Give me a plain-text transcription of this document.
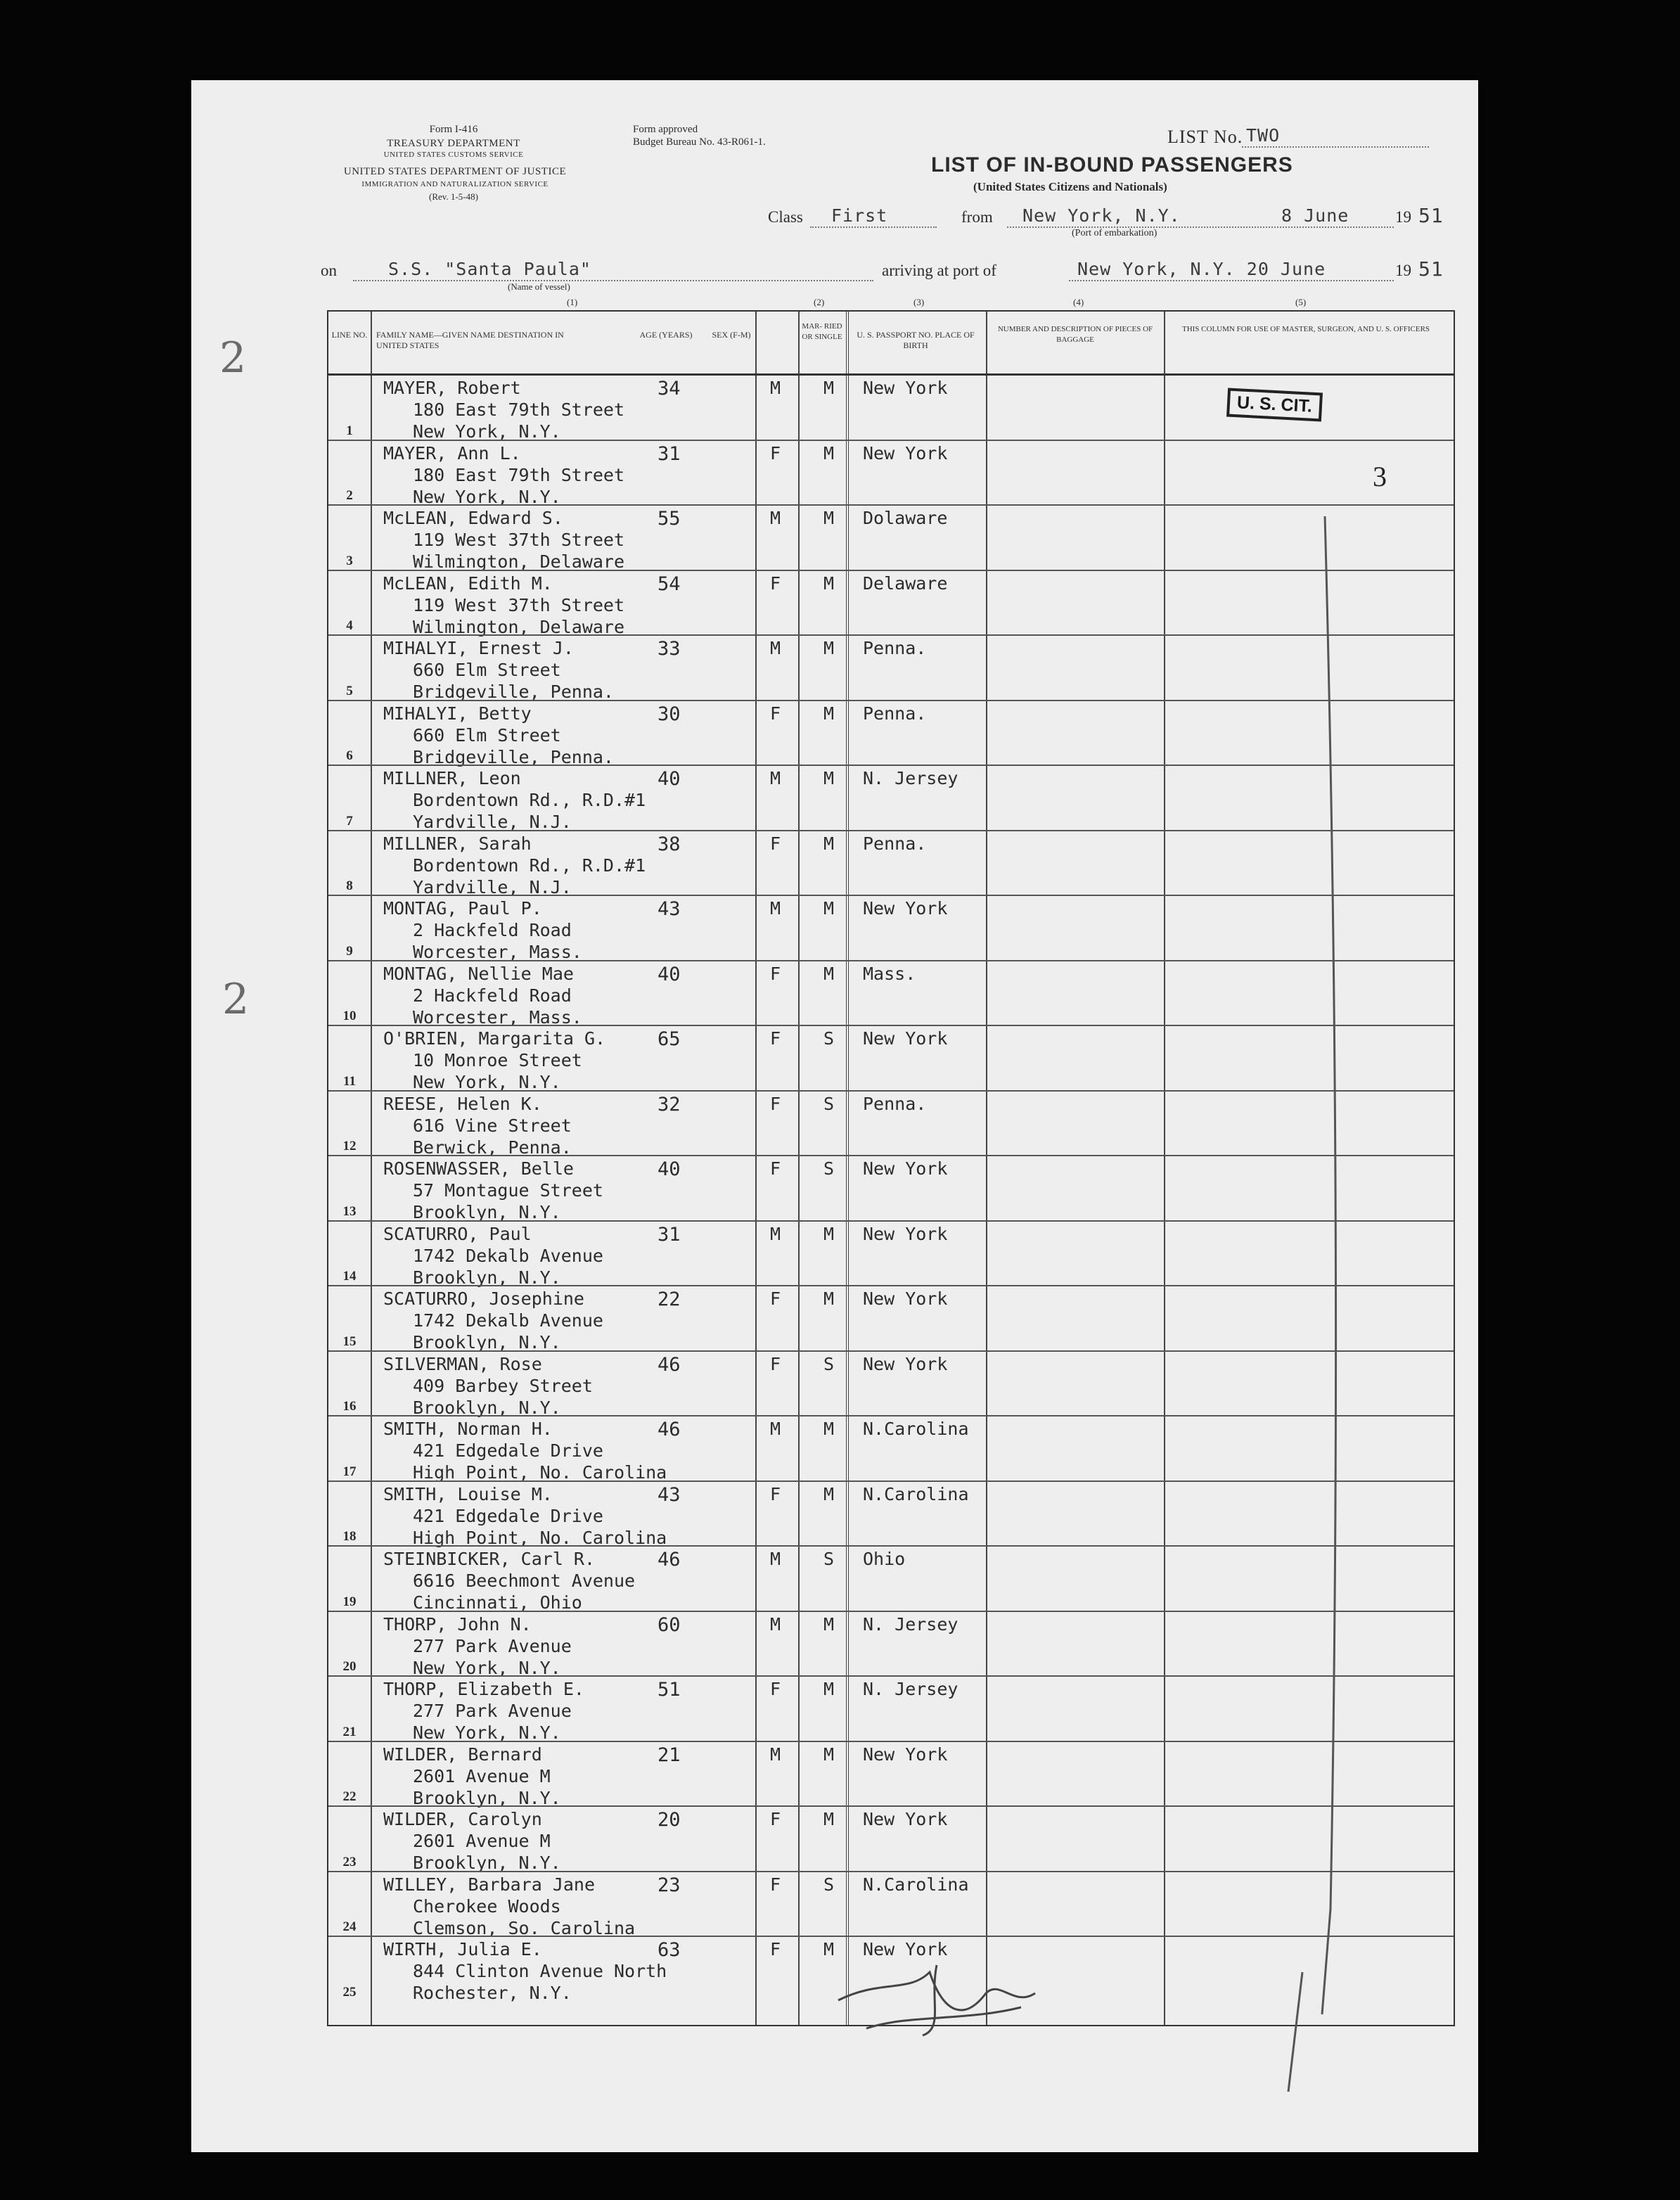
Form I-416
TREASURY DEPARTMENT
UNITED STATES CUSTOMS SERVICE
UNITED STATES DEPARTMENT OF JUSTICE
IMMIGRATION AND NATURALIZATION SERVICE
(Rev. 1-5-48)
Form approved
Budget Bureau No. 43-R061-1.	LIST No. TWO
LIST OF IN-BOUND PASSENGERS
(United States Citizens and Nationals)
Class First	from New York, N.Y.	8 June	19 51
(Port of embarkation)
on	S.S. "Santa Paula"
(Name of vessel)
arriving at port of	New York, N.Y. 20 June	19 51
(1)	(2)	(3)	(4)	(5)
LINE NO.	FAMILY NAME—GIVEN NAME DESTINATION IN UNITED STATES
AGE (YEARS)	SEX (F-M)
MAR- RIED OR SINGLE	U. S. PASSPORT NO. PLACE OF BIRTH
NUMBER AND DESCRIPTION OF PIECES OF BAGGAGE
THIS COLUMN FOR USE OF MASTER, SURGEON, AND U. S. OFFICERS
1
MAYER, Robert
180 East 79th Street
New York, N.Y.
34	M M New York
2
MAYER, Ann L.
180 East 79th Street
New York, N.Y.
31	F M New York
3
McLEAN, Edward S.
119 West 37th Street
Wilmington, Delaware
55	M M Dolaware
4
McLEAN, Edith M.
119 West 37th Street
Wilmington, Delaware
54	F M Delaware
5
MIHALYI, Ernest J.
660 Elm Street
Bridgeville, Penna.
33	M M Penna.
6
MIHALYI, Betty
660 Elm Street
Bridgeville, Penna.
30	F M Penna.
7
MILLNER, Leon
Bordentown Rd., R.D.#1
Yardville, N.J.
40	M M N. Jersey
8
MILLNER, Sarah
Bordentown Rd., R.D.#1
Yardville, N.J.
38	F M Penna.
9
MONTAG, Paul P.
2 Hackfeld Road
Worcester, Mass.
43	M M New York
10
MONTAG, Nellie Mae
2 Hackfeld Road
Worcester, Mass.
40	F M Mass.
11
O'BRIEN, Margarita G.
10 Monroe Street
New York, N.Y.
65	F S New York
12
REESE, Helen K.
616 Vine Street
Berwick, Penna.
32	F S Penna.
13
ROSENWASSER, Belle
57 Montague Street
Brooklyn, N.Y.
40	F S New York
14
SCATURRO, Paul
1742 Dekalb Avenue
Brooklyn, N.Y.
31	M M New York
15
SCATURRO, Josephine
1742 Dekalb Avenue
Brooklyn, N.Y.
22	F M New York
16
SILVERMAN, Rose
409 Barbey Street
Brooklyn, N.Y.
46	F S New York
17
SMITH, Norman H.
421 Edgedale Drive
High Point, No. Carolina
46	M M N.Carolina
18
SMITH, Louise M.
421 Edgedale Drive
High Point, No. Carolina
43	F M N.Carolina
19
STEINBICKER, Carl R.
6616 Beechmont Avenue
Cincinnati, Ohio
46	M S Ohio
20
THORP, John N.
277 Park Avenue
New York, N.Y.
60	M M N. Jersey
21
THORP, Elizabeth E.
277 Park Avenue
New York, N.Y.
51	F M N. Jersey
22
WILDER, Bernard
2601 Avenue M
Brooklyn, N.Y.
21	M M New York
23
WILDER, Carolyn
2601 Avenue M
Brooklyn, N.Y.
20	F M New York
24
WILLEY, Barbara Jane
Cherokee Woods
Clemson, So. Carolina
23	F S N.Carolina
25
WIRTH, Julia E.
844 Clinton Avenue North
Rochester, N.Y.
63	F M New York
U. S. CIT.
3
2
2
